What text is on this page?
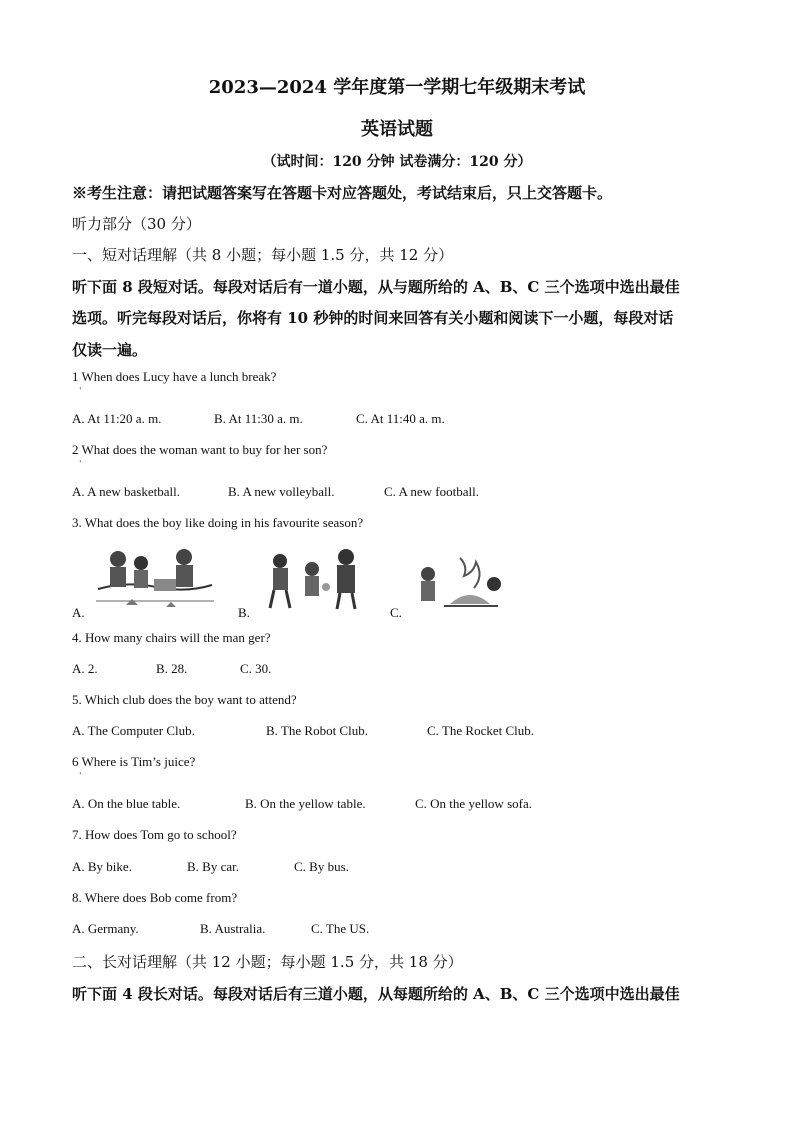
2023—2024 学年度第一学期七年级期末考试
英语试题
（试时间：120 分钟 试卷满分：120 分）
※考生注意：请把试题答案写在答题卡对应答题处，考试结束后，只上交答题卡。
听力部分（30 分）
一、短对话理解（共 8 小题；每小题 1.5 分，共 12 分）
听下面 8 段短对话。每段对话后有一道小题，从与题所给的 A、B、C 三个选项中选出最佳
选项。听完每段对话后，你将有 10 秒钟的时间来回答有关小题和阅读下一小题，每段对话
仅读一遍。
1 When does Lucy have a lunch break?
'
A. At 11:20 a. m.	B. At 11:30 a. m.	C. At 11:40 a. m.
2 What does the woman want to buy for her son?
'
A. A new basketball.	B. A new volleyball.	C. A new football.
3. What does the boy like doing in his favourite season?
A.	B.	C.
4. How many chairs will the man ger?
A. 2.	B. 28.	C. 30.
5. Which club does the boy want to attend?
A. The Computer Club.	B. The Robot Club.	C. The Rocket Club.
6 Where is Tim’s juice?
'
A. On the blue table.	B. On the yellow table.	C. On the yellow sofa.
7. How does Tom go to school?
A. By bike.	B. By car.	C. By bus.
8. Where does Bob come from?
A. Germany.	B. Australia.	C. The US.
二、长对话理解（共 12 小题；每小题 1.5 分，共 18 分）
听下面 4 段长对话。每段对话后有三道小题，从每题所给的 A、B、C 三个选项中选出最佳
